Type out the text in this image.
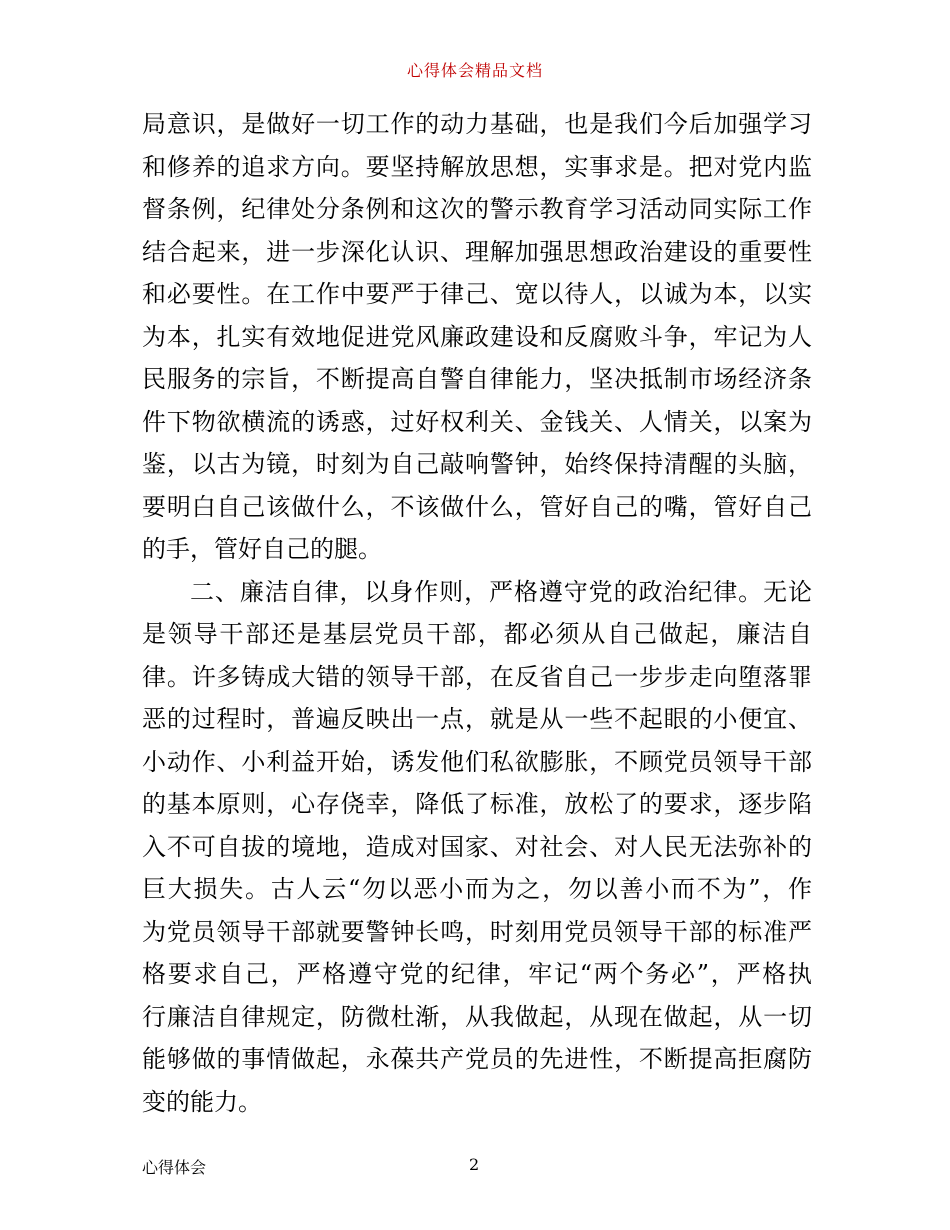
心得体会精品文档
局意识，是做好一切工作的动力基础，也是我们今后加强学习
和修养的追求方向。要坚持解放思想，实事求是。把对党内监
督条例，纪律处分条例和这次的警示教育学习活动同实际工作
结合起来，进一步深化认识、理解加强思想政治建设的重要性
和必要性。在工作中要严于律己、宽以待人，以诚为本，以实
为本，扎实有效地促进党风廉政建设和反腐败斗争，牢记为人
民服务的宗旨，不断提高自警自律能力，坚决抵制市场经济条
件下物欲横流的诱惑，过好权利关、金钱关、人情关，以案为
鉴，以古为镜，时刻为自己敲响警钟，始终保持清醒的头脑，
要明白自己该做什么，不该做什么，管好自己的嘴，管好自己
的手，管好自己的腿。
二、廉洁自律，以身作则，严格遵守党的政治纪律。无论
是领导干部还是基层党员干部，都必须从自己做起，廉洁自
律。许多铸成大错的领导干部，在反省自己一步步走向堕落罪
恶的过程时，普遍反映出一点，就是从一些不起眼的小便宜、
小动作、小利益开始，诱发他们私欲膨胀，不顾党员领导干部
的基本原则，心存侥幸，降低了标准，放松了的要求，逐步陷
入不可自拔的境地，造成对国家、对社会、对人民无法弥补的
巨大损失。古人云“勿以恶小而为之，勿以善小而不为”，作
为党员领导干部就要警钟长鸣，时刻用党员领导干部的标准严
格要求自己，严格遵守党的纪律，牢记“两个务必”，严格执
行廉洁自律规定，防微杜渐，从我做起，从现在做起，从一切
能够做的事情做起，永葆共产党员的先进性，不断提高拒腐防
变的能力。
心得体会	2
